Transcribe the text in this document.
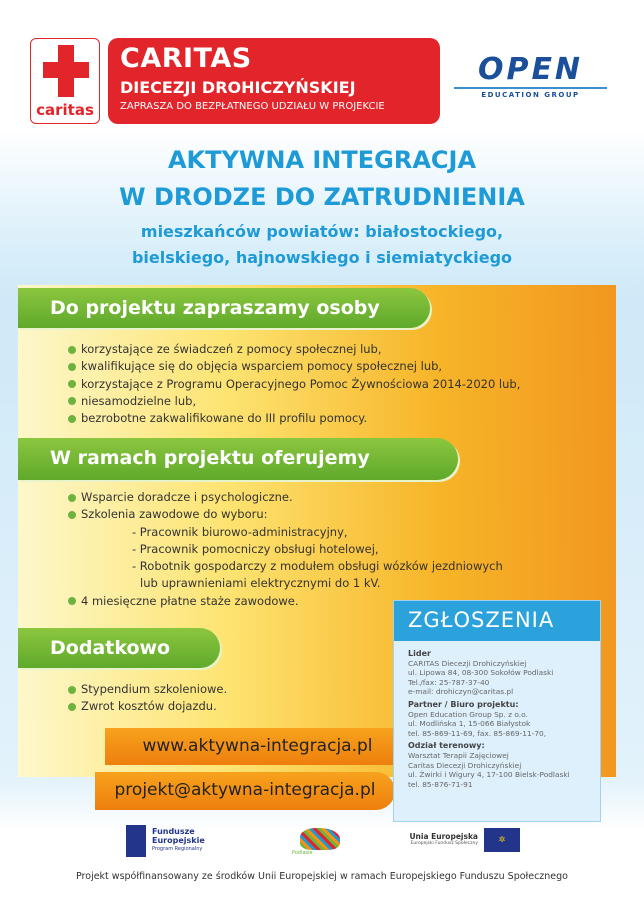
caritas
CARITAS
DIECEZJI DROHICZYŃSKIEJ
ZAPRASZA DO BEZPŁATNEGO UDZIAŁU W PROJEKCIE
OPEN
EDUCATION GROUP
AKTYWNA INTEGRACJA
W DRODZE DO ZATRUDNIENIA
mieszkańców powiatów: białostockiego,
bielskiego, hajnowskiego i siemiatyckiego
Do projektu zapraszamy osoby
korzystające ze świadczeń z pomocy społecznej lub,
kwalifikujące się do objęcia wsparciem pomocy społecznej lub,
korzystające z Programu Operacyjnego Pomoc Żywnościowa 2014-2020 lub,
niesamodzielne lub,
bezrobotne zakwalifikowane do III profilu pomocy.
W ramach projektu oferujemy
Wsparcie doradcze i psychologiczne.
Szkolenia zawodowe do wyboru:
- Pracownik biurowo-administracyjny,
- Pracownik pomocniczy obsługi hotelowej,
- Robotnik gospodarczy z modułem obsługi wózków jezdniowych
lub uprawnieniami elektrycznymi do 1 kV.
4 miesięczne płatne staże zawodowe.
Dodatkowo
Stypendium szkoleniowe.
Zwrot kosztów dojazdu.
www.aktywna-integracja.pl
projekt@aktywna-integracja.pl
ZGŁOSZENIA
Lider
CARITAS Diecezji Drohiczyńskiej
ul. Lipowa 84, 08-300 Sokołów Podlaski
Tel./fax: 25-787-37-40
e-mail: drohiczyn@caritas.pl
Partner / Biuro projektu:
Open Education Group Sp. z o.o.
ul. Modlińska 1, 15-066 Białystok
tel. 85-869-11-69, fax. 85-869-11-70,
Odział terenowy:
Warsztat Terapii Zajęciowej
Caritas Diecezji Drohiczyńskiej
ul. Żwirki i Wigury 4, 17-100 Bielsk-Podlaski
tel. 85-876-71-91
Fundusze
Europejskie
Program Regionalny
Podlasie
Unia Europejska
Europejski Fundusz Społeczny	✲
Projekt współfinansowany ze środków Unii Europejskiej w ramach Europejskiego Funduszu Społecznego
